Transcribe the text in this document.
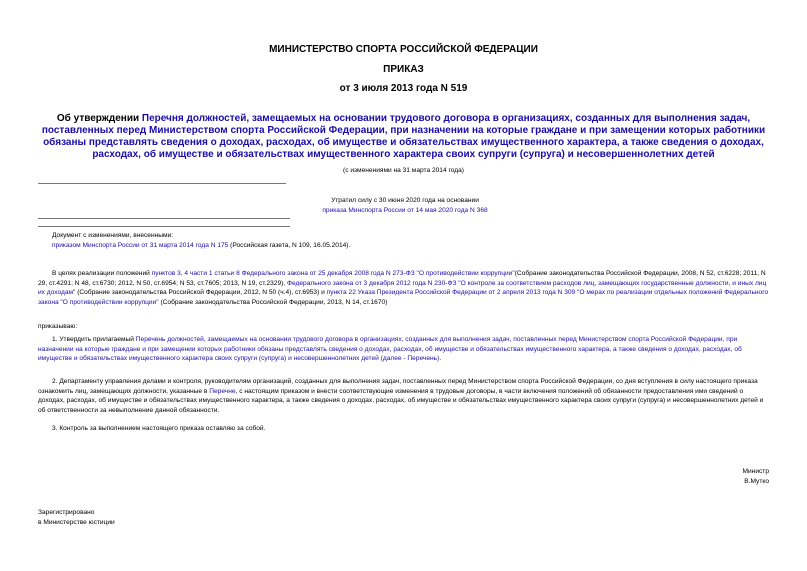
МИНИСТЕРСТВО СПОРТА РОССИЙСКОЙ ФЕДЕРАЦИИ
ПРИКАЗ
от 3 июля 2013 года N 519
Об утверждении Перечня должностей, замещаемых на основании трудового договора в организациях, созданных для выполнения задач, поставленных перед Министерством спорта Российской Федерации, при назначении на которые граждане и при замещении которых работники обязаны представлять сведения о доходах, расходах, об имуществе и обязательствах имущественного характера, а также сведения о доходах, расходах, об имуществе и обязательствах имущественного характера своих супруги (супруга) и несовершеннолетних детей
(с изменениями на 31 марта 2014 года)
Утратил силу с 30 июня 2020 года на основании
приказа Минспорта России от 14 мая 2020 года N 368
Документ с изменениями, внесенными:
приказом Минспорта России от 31 марта 2014 года N 175 (Российская газета, N 109, 16.05.2014).
В целях реализации положений пунктов 3, 4 части 1 статьи 8 Федерального закона от 25 декабря 2008 года N 273-ФЗ "О противодействии коррупции"(Собрание законодательства Российской Федерации, 2008, N 52, ст.6228; 2011, N 29, ст.4291; N 48, ст.6730; 2012, N 50, ст.6954; N 53, ст.7605; 2013, N 19, ст.2329), Федерального закона от 3 декабря 2012 года N 230-ФЗ "О контроле за соответствием расходов лиц, замещающих государственные должности, и иных лиц их доходам" (Собрание законодательства Российской Федерации, 2012, N 50 (ч.4), ст.6953) и пункта 22 Указа Президента Российской Федерации от 2 апреля 2013 года N 309 "О мерах по реализации отдельных положений Федерального закона "О противодействии коррупции" (Собрание законодательства Российской Федерации, 2013, N 14, ст.1670)
приказываю:
1. Утвердить прилагаемый Перечень должностей, замещаемых на основании трудового договора в организациях, созданных для выполнения задач, поставленных перед Министерством спорта Российской Федерации, при назначении на которые граждане и при замещении которых работники обязаны представлять сведения о доходах, расходах, об имуществе и обязательствах имущественного характера, а также сведения о доходах, расходах, об имуществе и обязательствах имущественного характера своих супруги (супруга) и несовершеннолетних детей (далее - Перечень).
2. Департаменту управления делами и контроля, руководителям организаций, созданных для выполнения задач, поставленных перед Министерством спорта Российской Федерации, со дня вступления в силу настоящего приказа ознакомить лиц, замещающих должности, указанные в Перечне, с настоящим приказом и внести соответствующие изменения в трудовые договоры, в части включения положений об обязанности предоставления ими сведений о доходах, расходах, об имуществе и обязательствах имущественного характера, а также сведения о доходах, расходах, об имуществе и обязательствах имущественного характера своих супруги (супруга) и несовершеннолетних детей и об ответственности за невыполнение данной обязанности.
3. Контроль за выполнением настоящего приказа оставляю за собой.
Министр
В.Мутко
Зарегистрировано
в Министерстве юстиции
